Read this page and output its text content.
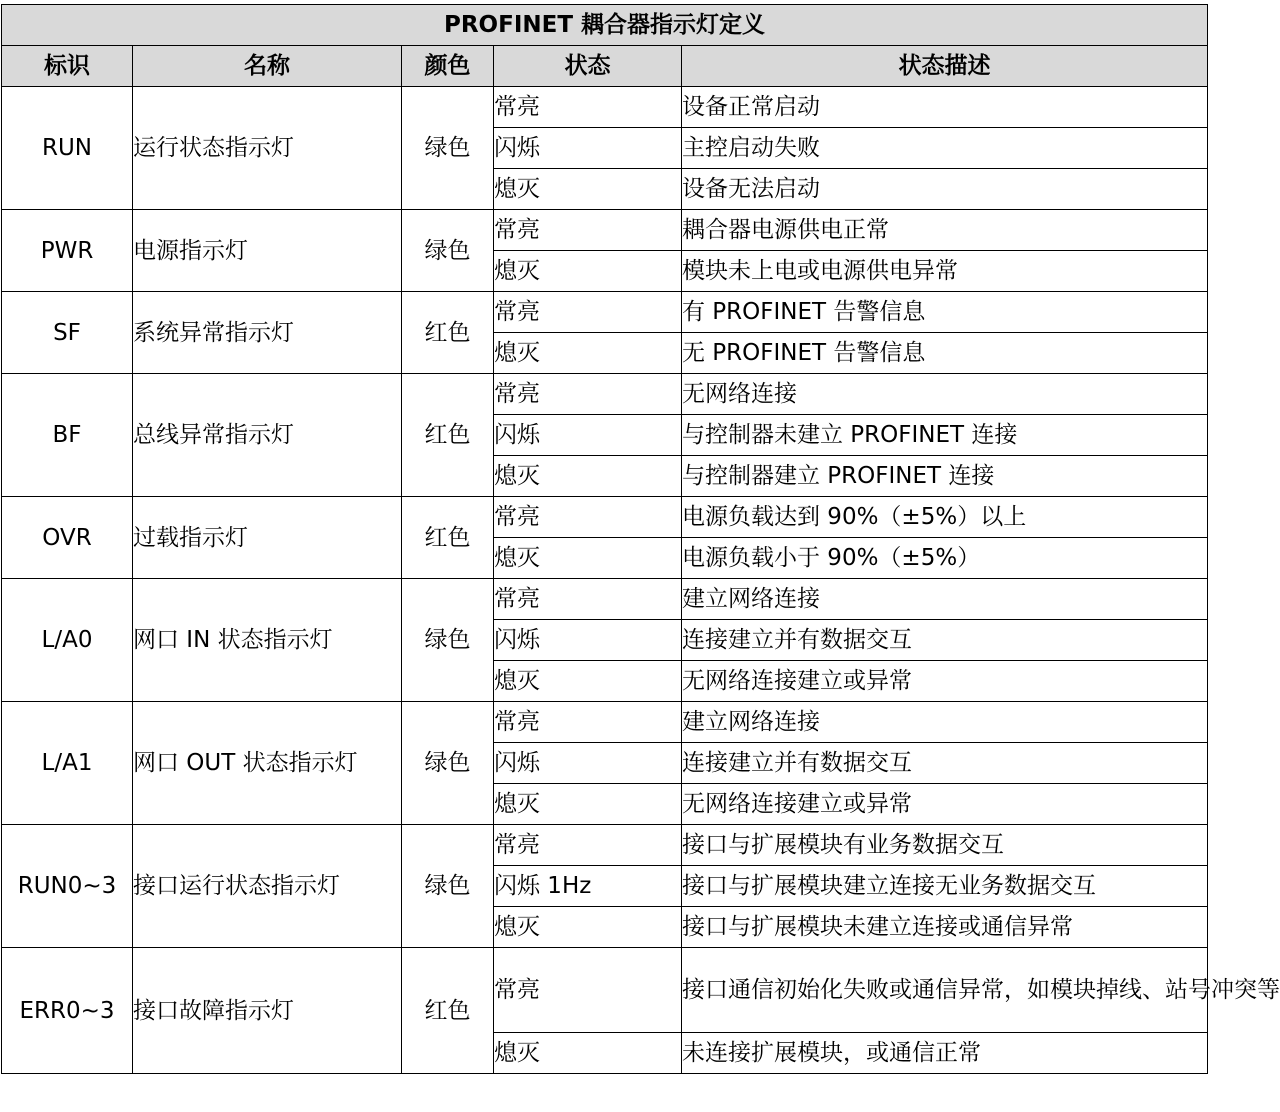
PROFINET 耦合器指示灯定义				
标识	名称	颜色	状态	状态描述
RUN	运行状态指示灯	绿色	常亮	设备正常启动
			闪烁	主控启动失败
			熄灭	设备无法启动
PWR	电源指示灯	绿色	常亮	耦合器电源供电正常
			熄灭	模块未上电或电源供电异常
SF	系统异常指示灯	红色	常亮	有 PROFINET 告警信息
			熄灭	无 PROFINET 告警信息
BF	总线异常指示灯	红色	常亮	无网络连接
			闪烁	与控制器未建立 PROFINET 连接
			熄灭	与控制器建立 PROFINET 连接
OVR	过载指示灯	红色	常亮	电源负载达到 90%（±5%）以上
			熄灭	电源负载小于 90%（±5%）
L/A0	网口 IN 状态指示灯	绿色	常亮	建立网络连接
			闪烁	连接建立并有数据交互
			熄灭	无网络连接建立或异常
L/A1	网口 OUT 状态指示灯	绿色	常亮	建立网络连接
			闪烁	连接建立并有数据交互
			熄灭	无网络连接建立或异常
RUN0~3	接口运行状态指示灯	绿色	常亮	接口与扩展模块有业务数据交互
			闪烁 1Hz	接口与扩展模块建立连接无业务数据交互
			熄灭	接口与扩展模块未建立连接或通信异常
ERR0~3	接口故障指示灯	红色	常亮	接口通信初始化失败或通信异常，如模块掉线、站号冲突等
			熄灭	未连接扩展模块，或通信正常
